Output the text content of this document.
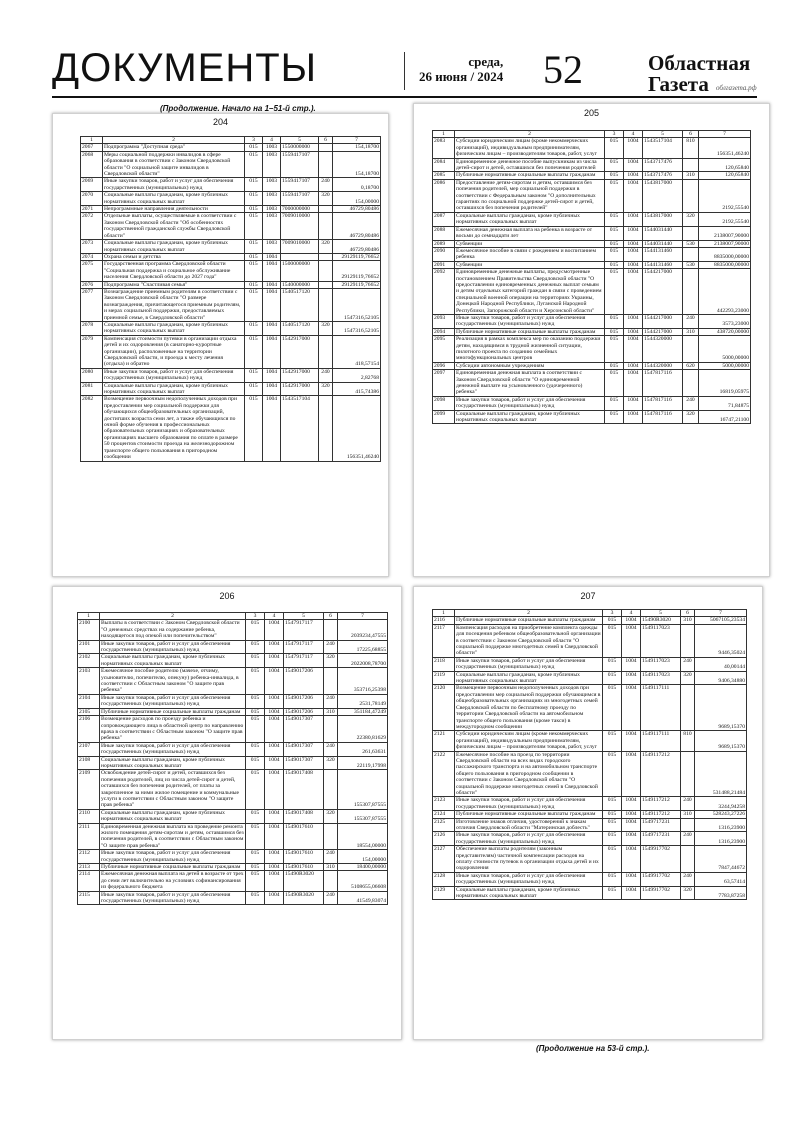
ДОКУМЕНТЫ	среда,
26 июня / 2024 52	Областная
Газета	облгазета.рф
(Продолжение. Начало на 1–51-й стр.).
204
1	2	3	4	5	6	7
2067	Подпрограмма "Доступная среда"	015	1003	1550000000		154,18700
2068	Меры социальной поддержки инвалидов в сфере образования в соответствии с Законом Свердловской области "О социальной защите инвалидов в Свердловской области"	015	1003	1559417107		154,18700
2069	Иные закупки товаров, работ и услуг для обеспечения государственных (муниципальных) нужд	015	1003	1559417107	240	0,18700
2070	Социальные выплаты гражданам, кроме публичных нормативных социальных выплат	015	1003	1559417107	320	154,00000
2071	Непрограммные направления деятельности	015	1003	7000000000		46729,80486
2072	Отдельные выплаты, осуществляемые в соответствии с Законом Свердловской области "Об особенностях государственной гражданской службы Свердловской области"	015	1003	7009010000		46729,80486
2073	Социальные выплаты гражданам, кроме публичных нормативных социальных выплат	015	1003	7009010000	320	46729,80486
2074	Охрана семьи и детства	015	1004			29129119,76652
2075	Государственная программа Свердловской области "Социальная поддержка и социальное обслуживание населения Свердловской области до 2027 года"	015	1004	1500000000		29129119,76652
2076	Подпрограмма "Счастливая семья"	015	1004	1540000000		29129119,76652
2077	Вознаграждение приемным родителям в соответствии с Законом Свердловской области "О размере вознаграждения, причитающегося приемным родителям, и мерах социальной поддержки, предоставляемых приемной семье, в Свердловской области"	015	1004	1540517120		1547316,52105
2078	Социальные выплаты гражданам, кроме публичных нормативных социальных выплат	015	1004	1540517120	320	1547316,52105
2079	Компенсация стоимости путевки в организации отдыха детей и их оздоровления (в санаторно-курортные организации), расположенные на территории Свердловской области, и проезда к месту лечения (отдыха) и обратно	015	1004	1542917000		418,57154
2080	Иные закупки товаров, работ и услуг для обеспечения государственных (муниципальных) нужд	015	1004	1542917000	240	2,82768
2081	Социальные выплаты гражданам, кроме публичных нормативных социальных выплат	015	1004	1542917000	320	415,74386
2082	Возмещение первоочным недополученных доходов при предоставлении мер социальной поддержки для обучающихся общеобразовательных организаций, достигших возраста семи лет, а также обучающихся по очной форме обучения в профессиональных образовательных организациях и образовательных организациях высшего образования по оплате в размере 50 процентов стоимости проезда на железнодорожном транспорте общего пользования в пригородном сообщении	015	1004	1543517104		156351,46240
205
1	2	3	4	5	6	7
2083	Субсидии юридическим лицам (кроме некоммерческих организаций), индивидуальным предпринимателям, физическим лицам – производителям товаров, работ, услуг	015	1004	1543517104	810	156351,46240
2084	Единовременное денежное пособие выпускникам из числа детей-сирот и детей, оставшихся без попечения родителей	015	1004	1543717476		120,65840
2085	Публичные нормативные социальные выплаты гражданам	015	1004	1543717476	310	120,65840
2086	Предоставление детям-сиротам и детям, оставшимся без попечения родителей, мер социальной поддержки в соответствии с Федеральным законом "О дополнительных гарантиях по социальной поддержке детей-сирот и детей, оставшихся без попечения родителей"	015	1004	1543817000		2192,55540
2087	Социальные выплаты гражданам, кроме публичных нормативных социальных выплат	015	1004	1543817000	320	2192,55540
2088	Ежемесячная денежная выплата на ребенка в возрасте от восьми до семнадцати лет	015	1004	1544031440		2138007,90000
2089	Субвенции	015	1004	1544031440	530	2138007,90000
2090	Ежемесячное пособие в связи с рождением и воспитанием ребенка	015	1004	1544131460		8835000,00000
2091	Субвенции	015	1004	1544131460	530	8835000,00000
2092	Единовременные денежные выплаты, предусмотренные постановлением Правительства Свердловской области "О предоставлении единовременных денежных выплат семьям и детям отдельных категорий граждан в связи с проведением специальной военной операции на территориях Украины, Донецкой Народной Республики, Луганской Народной Республики, Запорожской области и Херсонской области"	015	1004	1544217000		442293,23000
2093	Иные закупки товаров, работ и услуг для обеспечения государственных (муниципальных) нужд	015	1004	1544217000	240	3573,23000
2094	Публичные нормативные социальные выплаты гражданам	015	1004	1544217000	310	438720,00000
2095	Реализация в рамках комплекса мер по оказанию поддержки детям, находящимся в трудной жизненной ситуации, пилотного проекта по созданию семейных многофункциональных центров	015	1004	1544320000		5000,00000
2096	Субсидии автономным учреждениям	015	1004	1544320000	620	5000,00000
2097	Единовременная денежная выплата в соответствии с Законом Свердловской области "О единовременной денежной выплате на усыновленного (удочеренного) ребенка"	015	1004	1547817116		16819,05975
2098	Иные закупки товаров, работ и услуг для обеспечения государственных (муниципальных) нужд	015	1004	1547817116	240	71,84875
2099	Социальные выплаты гражданам, кроме публичных нормативных социальных выплат	015	1004	1547817116	320	16747,21100
206
1	2	3	4	5	6	7
2100	Выплаты в соответствии с Законом Свердловской области "О денежных средствах на содержание ребенка, находящегося под опекой или попечительством"	015	1004	1547917117		2039234,47555
2101	Иные закупки товаров, работ и услуг для обеспечения государственных (муниципальных) нужд	015	1004	1547917117	240	17225,68855
2102	Социальные выплаты гражданам, кроме публичных нормативных социальных выплат	015	1004	1547917117	320	2022008,78700
2103	Ежемесячное пособие родителю (мачехе, отчиму, усыновителю, попечителю, опекуну) ребенка-инвалида, в соответствии с Областным законом "О защите прав ребенка"	015	1004	1549017206		353716,25398
2104	Иные закупки товаров, работ и услуг для обеспечения государственных (муниципальных) нужд	015	1004	1549017206	240	2531,78149
2105	Публичные нормативные социальные выплаты гражданам	015	1004	1549017206	310	351184,47249
2106	Возмещение расходов по проезду ребенка и сопровождающего лица в областной центр по направлению врача в соответствии с Областным законом "О защите прав ребенка"	015	1004	1549017307		22380,81629
2107	Иные закупки товаров, работ и услуг для обеспечения государственных (муниципальных) нужд	015	1004	1549017307	240	261,63631
2108	Социальные выплаты гражданам, кроме публичных нормативных социальных выплат	015	1004	1549017307	320	22119,17998
2109	Освобождение детей-сирот и детей, оставшихся без попечения родителей, лиц из числа детей-сирот и детей, оставшихся без попечения родителей, от платы за закрепленное за ними жилое помещение и коммунальные услуги в соответствии с Областным законом "О защите прав ребенка"	015	1004	1549017408		155307,87555
2110	Социальные выплаты гражданам, кроме публичных нормативных социальных выплат	015	1004	1549017408	320	155307,87555
2111	Единовременная денежная выплата на проведение ремонта жилого помещения детям-сиротам и детям, оставшимся без попечения родителей, в соответствии с Областным законом "О защите прав ребенка"	015	1004	1549017610		18554,00000
2112	Иные закупки товаров, работ и услуг для обеспечения государственных (муниципальных) нужд	015	1004	1549017610	240	154,00000
2113	Публичные нормативные социальные выплаты гражданам	015	1004	1549017610	310	18400,00000
2114	Ежемесячная денежная выплата на детей в возрасте от трех до семи лет включительно на условиях софинансирования из федерального бюджета	015	1004	15490R3020		5108655,06608
2115	Иные закупки товаров, работ и услуг для обеспечения государственных (муниципальных) нужд	015	1004	15490R3020	240	41549,83074
207
1	2	3	4	5	6	7
2116	Публичные нормативные социальные выплаты гражданам	015	1004	15490R3020	310	5067105,23534
2117	Компенсация расходов на приобретение комплекта одежды для посещения ребенком общеобразовательной организации в соответствии с Законом Свердловской области "О социальной поддержке многодетных семей в Свердловской области"	015	1004	1549117023		9446,35024
2118	Иные закупки товаров, работ и услуг для обеспечения государственных (муниципальных) нужд	015	1004	1549117023	240	40,00144
2119	Социальные выплаты гражданам, кроме публичных нормативных социальных выплат	015	1004	1549117023	320	9406,34880
2120	Возмещение первоочным недополученных доходов при предоставлении мер социальной поддержки обучающимся в общеобразовательных организациях из многодетных семей Свердловской области по бесплатному проезду по территории Свердловской области на автомобильном транспорте общего пользования (кроме такси) в междугородном сообщении	015	1004	1549117111		9689,15370
2121	Субсидии юридическим лицам (кроме некоммерческих организаций), индивидуальным предпринимателям, физическим лицам – производителям товаров, работ, услуг	015	1004	1549117111	810	9689,15370
2122	Ежемесячное пособие на проезд по территории Свердловской области на всех видах городского пассажирского транспорта и на автомобильном транспорте общего пользования в пригородном сообщении в соответствии с Законом Свердловской области "О социальной поддержке многодетных семей в Свердловской области"	015	1004	1549117212		531488,21484
2123	Иные закупки товаров, работ и услуг для обеспечения государственных (муниципальных) нужд	015	1004	1549117212	240	3244,94258
2124	Публичные нормативные социальные выплаты гражданам	015	1004	1549117212	310	528243,27226
2125	Изготовление знаков отличия, удостоверений к знакам отличия Свердловской области "Материнская доблесть"	015	1004	1549717231		1316,23900
2126	Иные закупки товаров, работ и услуг для обеспечения государственных (муниципальных) нужд	015	1004	1549717231	240	1316,23900
2127	Обеспечение выплаты родителям (законным представителям) частичной компенсации расходов на оплату стоимости путевок в организации отдыха детей и их оздоровления	015	1004	1549917702		7847,44672
2128	Иные закупки товаров, работ и услуг для обеспечения государственных (муниципальных) нужд	015	1004	1549917702	240	63,57414
2129	Социальные выплаты гражданам, кроме публичных нормативных социальных выплат	015	1004	1549917702	320	7783,87258
(Продолжение на 53-й стр.).
